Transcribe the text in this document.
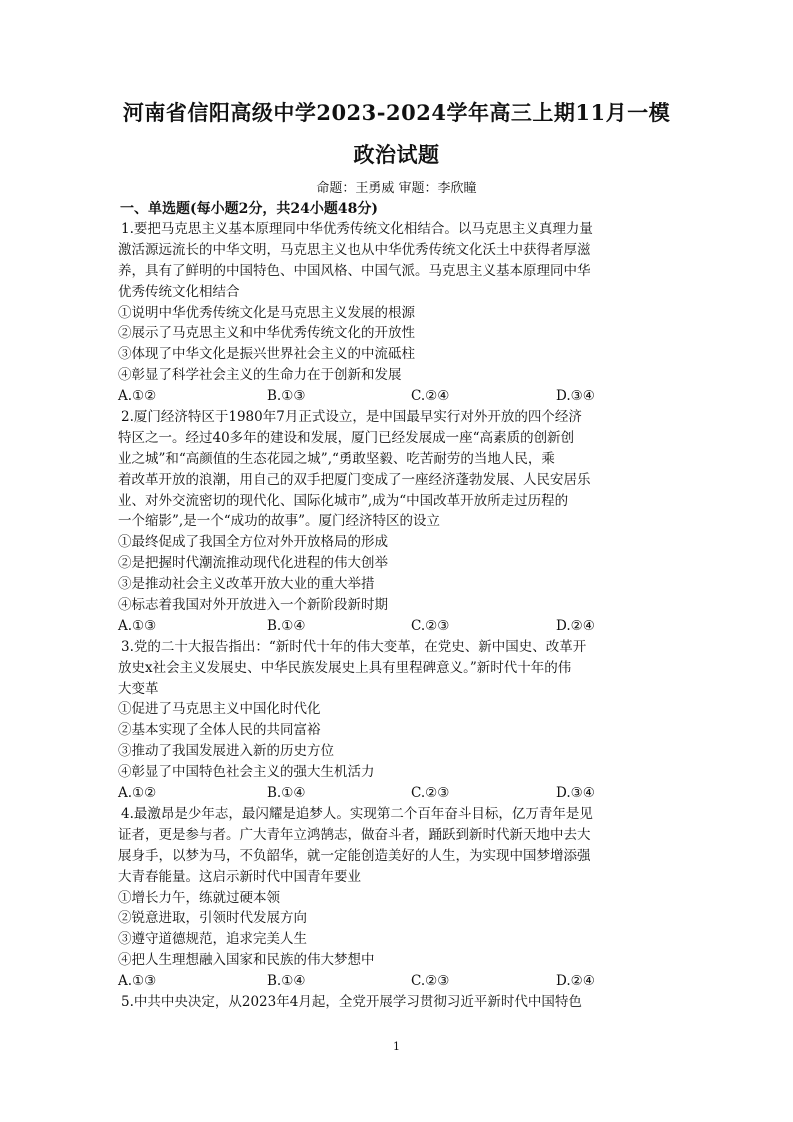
河南省信阳高级中学2023-2024学年高三上期11月一模
政治试题
命题：王勇威 审题：李欣瞳
一、单选题(每小题2分，共24小题48分)
1.要把马克思主义基本原理同中华优秀传统文化相结合。以马克思主义真理力量
激活源远流长的中华文明，马克思主义也从中华优秀传统文化沃土中获得者厚滋
养，具有了鲜明的中国特色、中国风格、中国气派。马克思主义基本原理同中华
优秀传统文化相结合
①说明中华优秀传统文化是马克思主义发展的根源
②展示了马克思主义和中华优秀传统文化的开放性
③体现了中华文化是振兴世界社会主义的中流砥柱
④彰显了科学社会主义的生命力在于创新和发展
A.①②	B.①③	C.②④	D.③④
2.厦门经济特区于1980年7月正式设立，是中国最早实行对外开放的四个经济
特区之一。经过40多年的建设和发展，厦门已经发展成一座“高素质的创新创
业之城”和“高颜值的生态花园之城”,“勇敢坚毅、吃苦耐劳的当地人民，乘
着改革开放的浪潮，用自己的双手把厦门变成了一座经济蓬勃发展、人民安居乐
业、对外交流密切的现代化、国际化城市”,成为“中国改革开放所走过历程的
一个缩影”,是一个“成功的故事”。厦门经济特区的设立
①最终促成了我国全方位对外开放格局的形成
②是把握时代潮流推动现代化进程的伟大创举
③是推动社会主义改革开放大业的重大举措
④标志着我国对外开放进入一个新阶段新时期
A.①③	B.①④	C.②③	D.②④
3.党的二十大报告指出：“新时代十年的伟大变革，在党史、新中国史、改革开
放史x社会主义发展史、中华民族发展史上具有里程碑意义。”新时代十年的伟
大变革
①促进了马克思主义中国化时代化
②基本实现了全体人民的共同富裕
③推动了我国发展进入新的历史方位
④彰显了中国特色社会主义的强大生机活力
A.①②	B.①④	C.②③	D.③④
4.最激昂是少年志，最闪耀是追梦人。实现第二个百年奋斗目标，亿万青年是见
证者，更是参与者。广大青年立鸿鹄志，做奋斗者，踊跃到新时代新天地中去大
展身手，以梦为马，不负韶华，就一定能创造美好的人生，为实现中国梦增添强
大青春能量。这启示新时代中国青年要业
①增长力午，练就过硬本领
②锐意进取，引领时代发展方向
③遵守道德规范，追求完美人生
④把人生理想融入国家和民族的伟大梦想中
A.①③	B.①④	C.②③	D.②④
5.中共中央决定，从2023年4月起，全党开展学习贯彻习近平新时代中国特色
1
